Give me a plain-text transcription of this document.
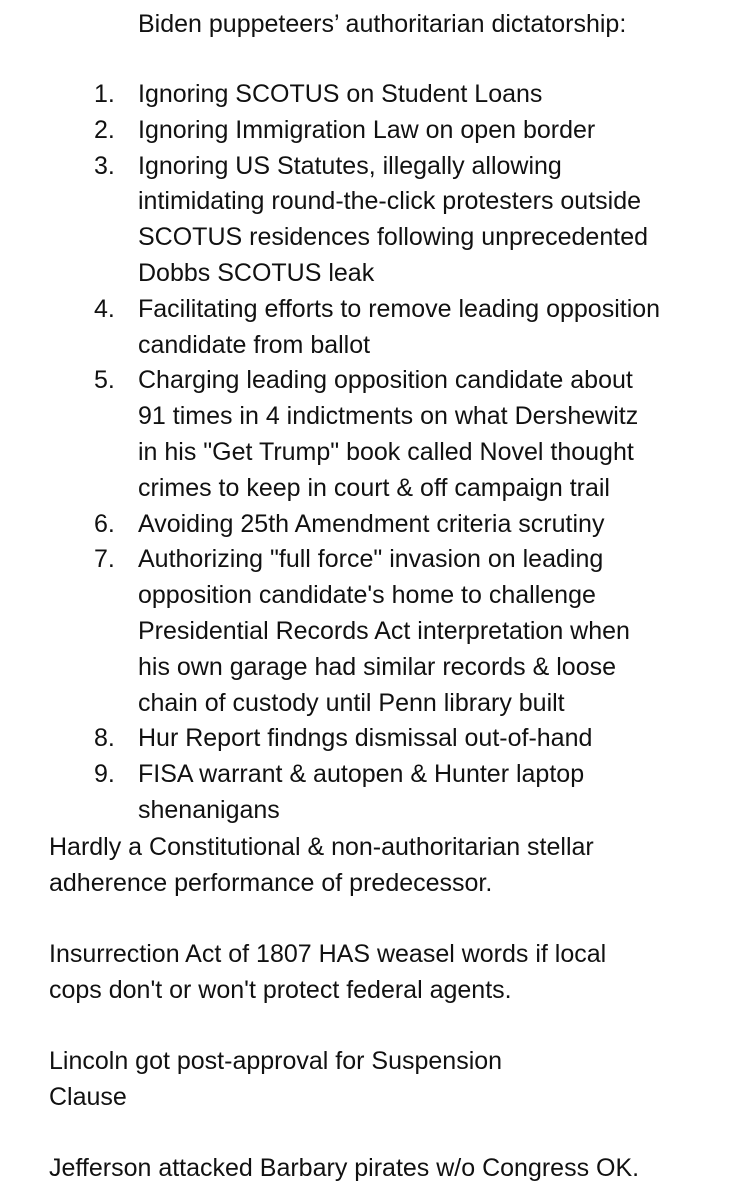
Biden puppeteers’ authoritarian dictatorship:
1. Ignoring SCOTUS on Student Loans
2. Ignoring Immigration Law on open border
3. Ignoring US Statutes, illegally allowing
intimidating round-the-click protesters outside
SCOTUS residences following unprecedented
Dobbs SCOTUS leak
4. Facilitating efforts to remove leading opposition
candidate from ballot
5. Charging leading opposition candidate about
91 times in 4 indictments on what Dershewitz
in his "Get Trump" book called Novel thought
crimes to keep in court & off campaign trail
6. Avoiding 25th Amendment criteria scrutiny
7. Authorizing "full force" invasion on leading
opposition candidate's home to challenge
Presidential Records Act interpretation when
his own garage had similar records & loose
chain of custody until Penn library built
8. Hur Report findngs dismissal out-of-hand
9. FISA warrant & autopen & Hunter laptop
shenanigans
Hardly a Constitutional & non-authoritarian stellar
adherence performance of predecessor.
Insurrection Act of 1807 HAS weasel words if local
cops don't or won't protect federal agents.
Lincoln got post-approval for Suspension
Clause
Jefferson attacked Barbary pirates w/o Congress OK.
